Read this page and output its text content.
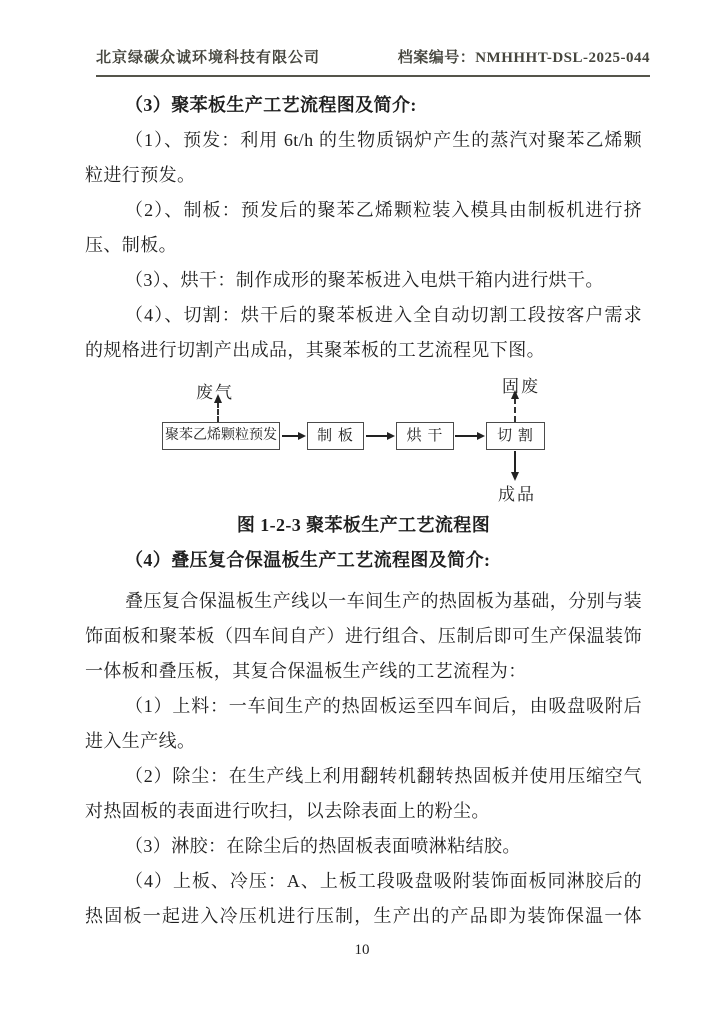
北京绿碳众诚环境科技有限公司	档案编号：NMHHHT-DSL-2025-044
（3）聚苯板生产工艺流程图及简介:
（1）、预发：利用 6t/h 的生物质锅炉产生的蒸汽对聚苯乙烯颗
粒进行预发。
（2）、制板：预发后的聚苯乙烯颗粒装入模具由制板机进行挤
压、制板。
（3）、烘干：制作成形的聚苯板进入电烘干箱内进行烘干。
（4）、切割：烘干后的聚苯板进入全自动切割工段按客户需求
的规格进行切割产出成品，其聚苯板的工艺流程见下图。
废气
聚苯乙烯颗粒预发	制 板	烘 干	切 割
固废
成品
图 1-2-3 聚苯板生产工艺流程图
（4）叠压复合保温板生产工艺流程图及简介:
叠压复合保温板生产线以一车间生产的热固板为基础，分别与装
饰面板和聚苯板（四车间自产）进行组合、压制后即可生产保温装饰
一体板和叠压板，其复合保温板生产线的工艺流程为：
（1）上料：一车间生产的热固板运至四车间后，由吸盘吸附后
进入生产线。
（2）除尘：在生产线上利用翻转机翻转热固板并使用压缩空气
对热固板的表面进行吹扫，以去除表面上的粉尘。
（3）淋胶：在除尘后的热固板表面喷淋粘结胶。
（4）上板、冷压：A、上板工段吸盘吸附装饰面板同淋胶后的
热固板一起进入冷压机进行压制，生产出的产品即为装饰保温一体
10
